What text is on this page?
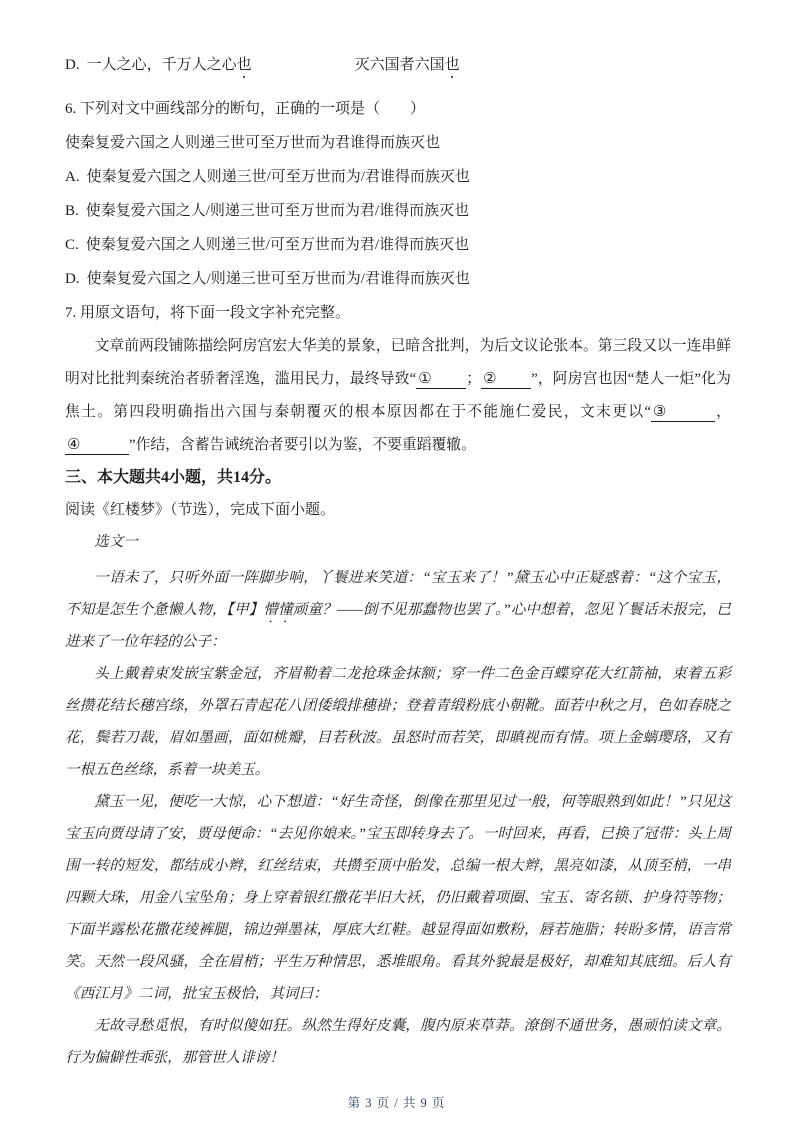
D. 一人之心，千万人之心也	灭六国者六国也
6. 下列对文中画线部分的断句，正确的一项是（　　）
使秦复爱六国之人则递三世可至万世而为君谁得而族灭也
A. 使秦复爱六国之人则递三世/可至万世而为/君谁得而族灭也
B. 使秦复爱六国之人/则递三世可至万世而为君/谁得而族灭也
C. 使秦复爱六国之人则递三世/可至万世而为君/谁得而族灭也
D. 使秦复爱六国之人/则递三世可至万世而为/君谁得而族灭也
7. 用原文语句，将下面一段文字补充完整。

文章前两段铺陈描绘阿房宫宏大华美的景象，已暗含批判，为后文议论张本。第三段又以一连串鲜明对比批判秦统治者骄奢淫逸，滥用民力，最终导致“ ① ； ② ”，阿房宫也因“楚人一炬”化为焦土。第四段明确指出六国与秦朝覆灭的根本原因都在于不能施仁爱民，文末更以“ ③	，④	”作结，含蓄告诫统治者要引以为鉴，不要重蹈覆辙。

三、本大题共4小题，共14分。
阅读《红楼梦》（节选），完成下面小题。

选文一

一语未了，只听外面一阵脚步响，丫鬟进来笑道：“宝玉来了！”黛玉心中正疑惑着：“这个宝玉，不知是怎生个惫懒人物，【甲】懵懂顽童？——倒不见那蠢物也罢了。”心中想着，忽见丫鬟话未报完，已进来了一位年轻的公子：

头上戴着束发嵌宝紫金冠，齐眉勒着二龙抢珠金抹额；穿一件二色金百蝶穿花大红箭袖，束着五彩丝攒花结长穗宫绦，外罩石青起花八团倭缎排穗褂；登着青缎粉底小朝靴。面若中秋之月，色如春晓之花，鬓若刀裁，眉如墨画，面如桃瓣，目若秋波。虽怒时而若笑，即瞋视而有情。项上金螭璎珞，又有一根五色丝绦，系着一块美玉。

黛玉一见，便吃一大惊，心下想道：“好生奇怪，倒像在那里见过一般，何等眼熟到如此！”只见这宝玉向贾母请了安，贾母便命：“去见你娘来。”宝玉即转身去了。一时回来，再看，已换了冠带：头上周围一转的短发，都结成小辫，红丝结束，共攒至顶中胎发，总编一根大辫，黑亮如漆，从顶至梢，一串四颗大珠，用金八宝坠角；身上穿着银红撒花半旧大袄，仍旧戴着项圈、宝玉、寄名锁、护身符等物；下面半露松花撒花绫裤腿，锦边弹墨袜，厚底大红鞋。越显得面如敷粉，唇若施脂；转盼多情，语言常笑。天然一段风骚，全在眉梢；平生万种情思，悉堆眼角。看其外貌最是极好，却难知其底细。后人有《西江月》二词，批宝玉极恰，其词曰：

无故寻愁觅恨，有时似傻如狂。纵然生得好皮囊，腹内原来草莽。潦倒不通世务，愚顽怕读文章。行为偏僻性乖张，那管世人诽谤！

第 3 页 / 共 9 页
